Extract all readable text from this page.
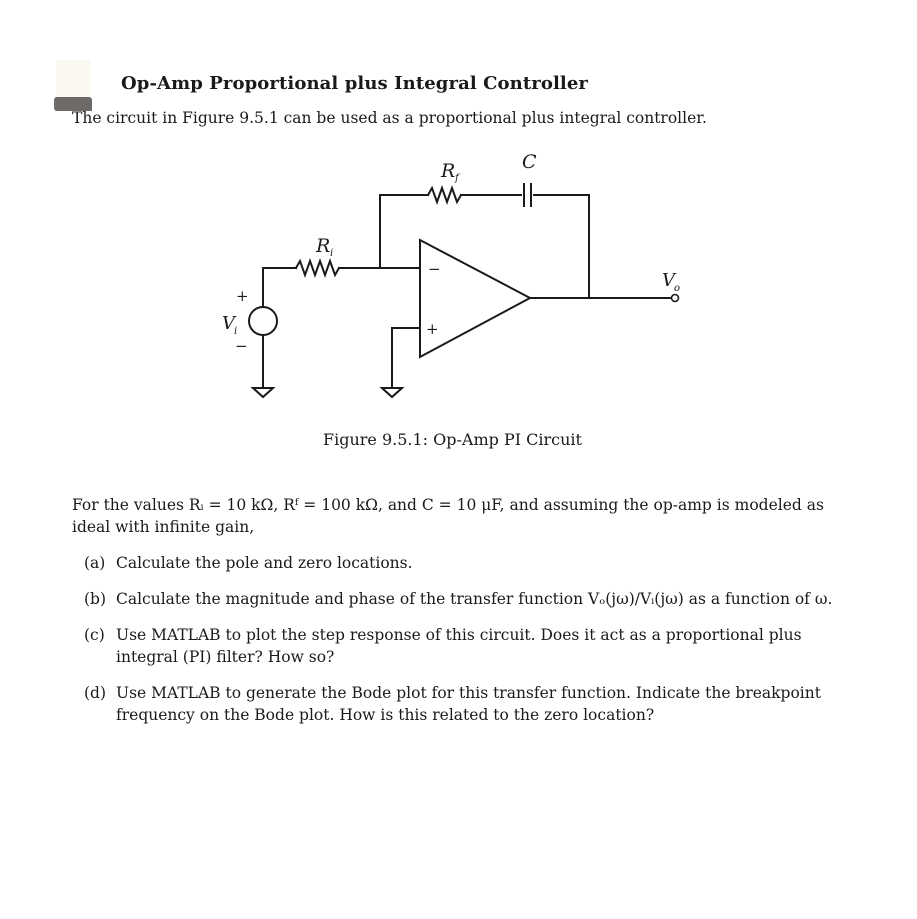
Op-Amp Proportional plus Integral Controller
The circuit in Figure 9.5.1 can be used as a proportional plus integral controller.
R f
C
R i
+
V i
−
V o
−
+
Figure 9.5.1: Op-Amp PI Circuit
For the values Rᵢ = 10 kΩ, Rᶠ = 100 kΩ, and C = 10 μF, and assuming the op-amp is modeled as ideal with infinite gain,
(a) Calculate the pole and zero locations.
(b) Calculate the magnitude and phase of the transfer function Vₒ(jω)/Vᵢ(jω) as a function of ω.
(c) Use MATLAB to plot the step response of this circuit. Does it act as a proportional plus integral (PI) filter? How so?
(d) Use MATLAB to generate the Bode plot for this transfer function. Indicate the breakpoint frequency on the Bode plot. How is this related to the zero location?
